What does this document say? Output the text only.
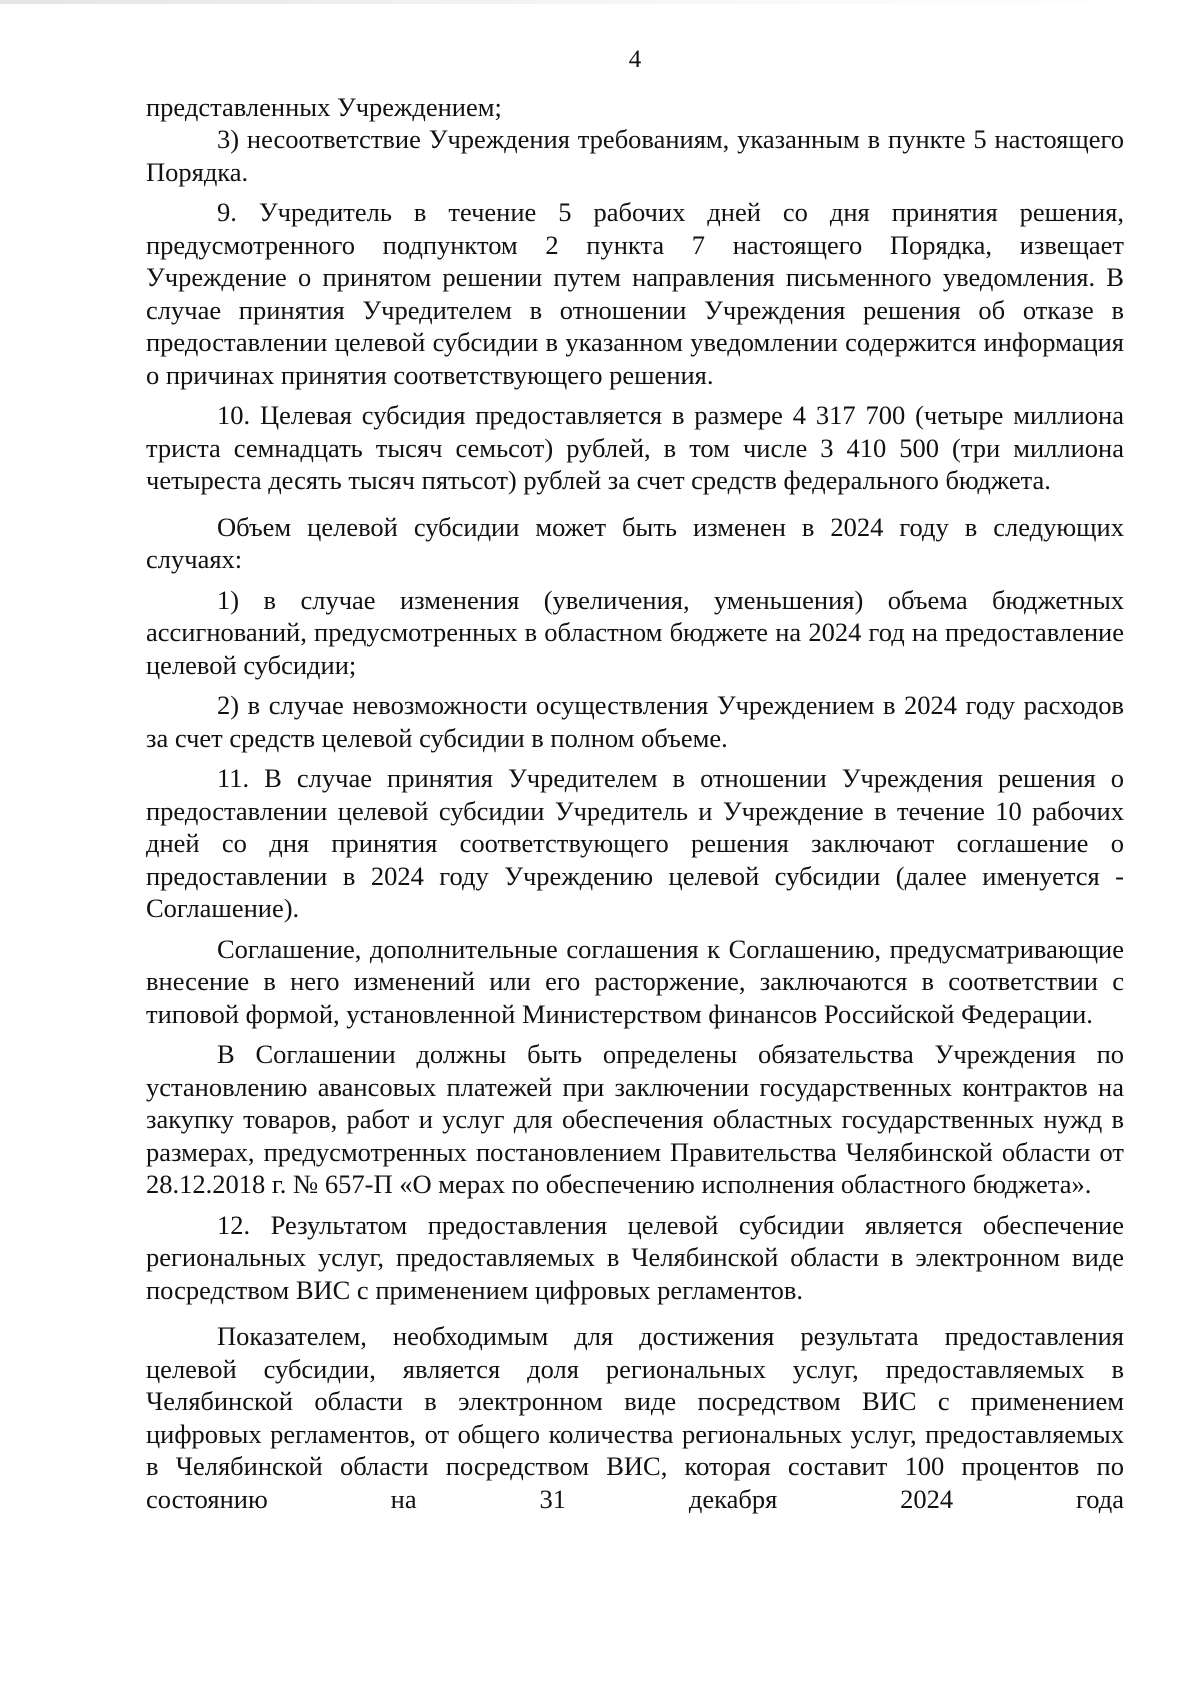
4

представленных Учреждением;

3) несоответствие Учреждения требованиям, указанным в пункте 5 настоящего Порядка.

9. Учредитель в течение 5 рабочих дней со дня принятия решения, предусмотренного подпунктом 2 пункта 7 настоящего Порядка, извещает Учреждение о принятом решении путем направления письменного уведомления. В случае принятия Учредителем в отношении Учреждения решения об отказе в предоставлении целевой субсидии в указанном уведомлении содержится информация о причинах принятия соответствующего решения.

10. Целевая субсидия предоставляется в размере 4 317 700 (четыре миллиона триста семнадцать тысяч семьсот) рублей, в том числе 3 410 500 (три миллиона четыреста десять тысяч пятьсот) рублей за счет средств федерального бюджета.

Объем целевой субсидии может быть изменен в 2024 году в следующих случаях:

1) в случае изменения (увеличения, уменьшения) объема бюджетных ассигнований, предусмотренных в областном бюджете на 2024 год на предоставление целевой субсидии;

2) в случае невозможности осуществления Учреждением в 2024 году расходов за счет средств целевой субсидии в полном объеме.

11. В случае принятия Учредителем в отношении Учреждения решения о предоставлении целевой субсидии Учредитель и Учреждение в течение 10 рабочих дней со дня принятия соответствующего решения заключают соглашение о предоставлении в 2024 году Учреждению целевой субсидии (далее именуется - Соглашение).

Соглашение, дополнительные соглашения к Соглашению, предусматривающие внесение в него изменений или его расторжение, заключаются в соответствии с типовой формой, установленной Министерством финансов Российской Федерации.

В Соглашении должны быть определены обязательства Учреждения по установлению авансовых платежей при заключении государственных контрактов на закупку товаров, работ и услуг для обеспечения областных государственных нужд в размерах, предусмотренных постановлением Правительства Челябинской области от 28.12.2018 г. № 657-П «О мерах по обеспечению исполнения областного бюджета».

12. Результатом предоставления целевой субсидии является обеспечение региональных услуг, предоставляемых в Челябинской области в электронном виде посредством ВИС с применением цифровых регламентов.

Показателем, необходимым для достижения результата предоставления целевой субсидии, является доля региональных услуг, предоставляемых в Челябинской области в электронном виде посредством ВИС с применением цифровых регламентов, от общего количества региональных услуг, предоставляемых в Челябинской области посредством ВИС, которая составит 100 процентов по состоянию на 31 декабря 2024 года
